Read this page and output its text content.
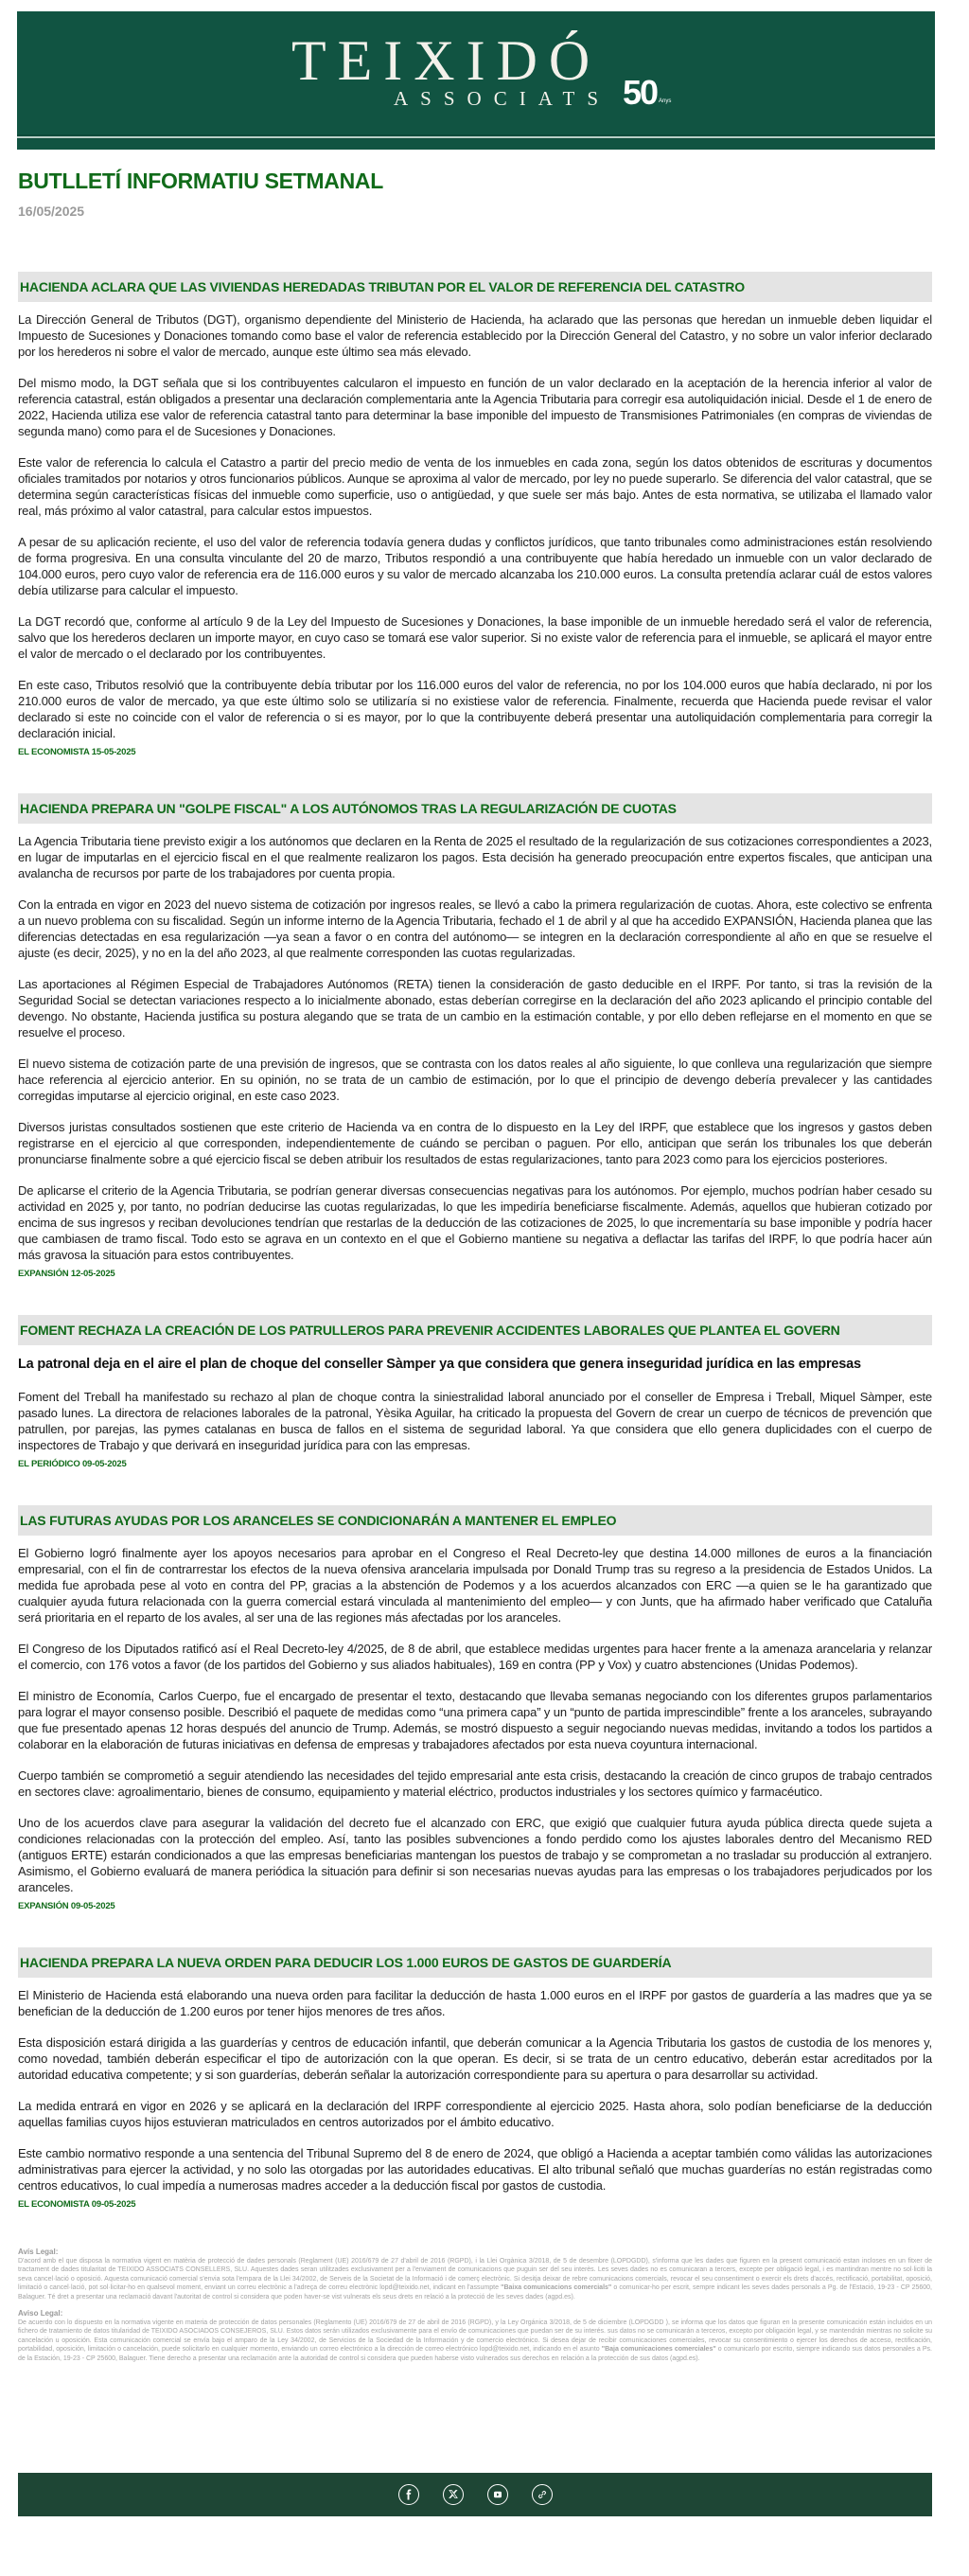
TEIXIDÓ
ASSOCIATS 50 Anys
BUTLLETÍ INFORMATIU SETMANAL
16/05/2025
HACIENDA ACLARA QUE LAS VIVIENDAS HEREDADAS TRIBUTAN POR EL VALOR DE REFERENCIA DEL CATASTRO

La Dirección General de Tributos (DGT), organismo dependiente del Ministerio de Hacienda, ha aclarado que las personas que heredan un inmueble deben liquidar el Impuesto de Sucesiones y Donaciones tomando como base el valor de referencia establecido por la Dirección General del Catastro, y no sobre un valor inferior declarado por los herederos ni sobre el valor de mercado, aunque este último sea más elevado.

Del mismo modo, la DGT señala que si los contribuyentes calcularon el impuesto en función de un valor declarado en la aceptación de la herencia inferior al valor de referencia catastral, están obligados a presentar una declaración complementaria ante la Agencia Tributaria para corregir esa autoliquidación inicial. Desde el 1 de enero de 2022, Hacienda utiliza ese valor de referencia catastral tanto para determinar la base imponible del impuesto de Transmisiones Patrimoniales (en compras de viviendas de segunda mano) como para el de Sucesiones y Donaciones.

Este valor de referencia lo calcula el Catastro a partir del precio medio de venta de los inmuebles en cada zona, según los datos obtenidos de escrituras y documentos oficiales tramitados por notarios y otros funcionarios públicos. Aunque se aproxima al valor de mercado, por ley no puede superarlo. Se diferencia del valor catastral, que se determina según características físicas del inmueble como superficie, uso o antigüedad, y que suele ser más bajo. Antes de esta normativa, se utilizaba el llamado valor real, más próximo al valor catastral, para calcular estos impuestos.

A pesar de su aplicación reciente, el uso del valor de referencia todavía genera dudas y conflictos jurídicos, que tanto tribunales como administraciones están resolviendo de forma progresiva. En una consulta vinculante del 20 de marzo, Tributos respondió a una contribuyente que había heredado un inmueble con un valor declarado de 104.000 euros, pero cuyo valor de referencia era de 116.000 euros y su valor de mercado alcanzaba los 210.000 euros. La consulta pretendía aclarar cuál de estos valores debía utilizarse para calcular el impuesto.

La DGT recordó que, conforme al artículo 9 de la Ley del Impuesto de Sucesiones y Donaciones, la base imponible de un inmueble heredado será el valor de referencia, salvo que los herederos declaren un importe mayor, en cuyo caso se tomará ese valor superior. Si no existe valor de referencia para el inmueble, se aplicará el mayor entre el valor de mercado o el declarado por los contribuyentes.

En este caso, Tributos resolvió que la contribuyente debía tributar por los 116.000 euros del valor de referencia, no por los 104.000 euros que había declarado, ni por los 210.000 euros de valor de mercado, ya que este último solo se utilizaría si no existiese valor de referencia. Finalmente, recuerda que Hacienda puede revisar el valor declarado si este no coincide con el valor de referencia o si es mayor, por lo que la contribuyente deberá presentar una autoliquidación complementaria para corregir la declaración inicial.

EL ECONOMISTA 15-05-2025
HACIENDA PREPARA UN "GOLPE FISCAL" A LOS AUTÓNOMOS TRAS LA REGULARIZACIÓN DE CUOTAS

La Agencia Tributaria tiene previsto exigir a los autónomos que declaren en la Renta de 2025 el resultado de la regularización de sus cotizaciones correspondientes a 2023, en lugar de imputarlas en el ejercicio fiscal en el que realmente realizaron los pagos. Esta decisión ha generado preocupación entre expertos fiscales, que anticipan una avalancha de recursos por parte de los trabajadores por cuenta propia.

Con la entrada en vigor en 2023 del nuevo sistema de cotización por ingresos reales, se llevó a cabo la primera regularización de cuotas. Ahora, este colectivo se enfrenta a un nuevo problema con su fiscalidad. Según un informe interno de la Agencia Tributaria, fechado el 1 de abril y al que ha accedido EXPANSIÓN, Hacienda planea que las diferencias detectadas en esa regularización —ya sean a favor o en contra del autónomo— se integren en la declaración correspondiente al año en que se resuelve el ajuste (es decir, 2025), y no en la del año 2023, al que realmente corresponden las cuotas regularizadas.

Las aportaciones al Régimen Especial de Trabajadores Autónomos (RETA) tienen la consideración de gasto deducible en el IRPF. Por tanto, si tras la revisión de la Seguridad Social se detectan variaciones respecto a lo inicialmente abonado, estas deberían corregirse en la declaración del año 2023 aplicando el principio contable del devengo. No obstante, Hacienda justifica su postura alegando que se trata de un cambio en la estimación contable, y por ello deben reflejarse en el momento en que se resuelve el proceso.

El nuevo sistema de cotización parte de una previsión de ingresos, que se contrasta con los datos reales al año siguiente, lo que conlleva una regularización que siempre hace referencia al ejercicio anterior. En su opinión, no se trata de un cambio de estimación, por lo que el principio de devengo debería prevalecer y las cantidades corregidas imputarse al ejercicio original, en este caso 2023.

Diversos juristas consultados sostienen que este criterio de Hacienda va en contra de lo dispuesto en la Ley del IRPF, que establece que los ingresos y gastos deben registrarse en el ejercicio al que corresponden, independientemente de cuándo se perciban o paguen. Por ello, anticipan que serán los tribunales los que deberán pronunciarse finalmente sobre a qué ejercicio fiscal se deben atribuir los resultados de estas regularizaciones, tanto para 2023 como para los ejercicios posteriores.

De aplicarse el criterio de la Agencia Tributaria, se podrían generar diversas consecuencias negativas para los autónomos. Por ejemplo, muchos podrían haber cesado su actividad en 2025 y, por tanto, no podrían deducirse las cuotas regularizadas, lo que les impediría beneficiarse fiscalmente. Además, aquellos que hubieran cotizado por encima de sus ingresos y reciban devoluciones tendrían que restarlas de la deducción de las cotizaciones de 2025, lo que incrementaría su base imponible y podría hacer que cambiasen de tramo fiscal. Todo esto se agrava en un contexto en el que el Gobierno mantiene su negativa a deflactar las tarifas del IRPF, lo que podría hacer aún más gravosa la situación para estos contribuyentes.

EXPANSIÓN 12-05-2025
FOMENT RECHAZA LA CREACIÓN DE LOS PATRULLEROS PARA PREVENIR ACCIDENTES LABORALES QUE PLANTEA EL GOVERN
La patronal deja en el aire el plan de choque del conseller Sàmper ya que considera que genera inseguridad jurídica en las empresas

Foment del Treball ha manifestado su rechazo al plan de choque contra la siniestralidad laboral anunciado por el conseller de Empresa i Treball, Miquel Sàmper, este pasado lunes. La directora de relaciones laborales de la patronal, Yèsika Aguilar, ha criticado la propuesta del Govern de crear un cuerpo de técnicos de prevención que patrullen, por parejas, las pymes catalanas en busca de fallos en el sistema de seguridad laboral. Ya que considera que ello genera duplicidades con el cuerpo de inspectores de Trabajo y que derivará en inseguridad jurídica para con las empresas.

EL PERIÓDICO 09-05-2025
LAS FUTURAS AYUDAS POR LOS ARANCELES SE CONDICIONARÁN A MANTENER EL EMPLEO

El Gobierno logró finalmente ayer los apoyos necesarios para aprobar en el Congreso el Real Decreto-ley que destina 14.000 millones de euros a la financiación empresarial, con el fin de contrarrestar los efectos de la nueva ofensiva arancelaria impulsada por Donald Trump tras su regreso a la presidencia de Estados Unidos. La medida fue aprobada pese al voto en contra del PP, gracias a la abstención de Podemos y a los acuerdos alcanzados con ERC —a quien se le ha garantizado que cualquier ayuda futura relacionada con la guerra comercial estará vinculada al mantenimiento del empleo— y con Junts, que ha afirmado haber verificado que Cataluña será prioritaria en el reparto de los avales, al ser una de las regiones más afectadas por los aranceles.

El Congreso de los Diputados ratificó así el Real Decreto-ley 4/2025, de 8 de abril, que establece medidas urgentes para hacer frente a la amenaza arancelaria y relanzar el comercio, con 176 votos a favor (de los partidos del Gobierno y sus aliados habituales), 169 en contra (PP y Vox) y cuatro abstenciones (Unidas Podemos).

El ministro de Economía, Carlos Cuerpo, fue el encargado de presentar el texto, destacando que llevaba semanas negociando con los diferentes grupos parlamentarios para lograr el mayor consenso posible. Describió el paquete de medidas como “una primera capa” y un “punto de partida imprescindible” frente a los aranceles, subrayando que fue presentado apenas 12 horas después del anuncio de Trump. Además, se mostró dispuesto a seguir negociando nuevas medidas, invitando a todos los partidos a colaborar en la elaboración de futuras iniciativas en defensa de empresas y trabajadores afectados por esta nueva coyuntura internacional.

Cuerpo también se comprometió a seguir atendiendo las necesidades del tejido empresarial ante esta crisis, destacando la creación de cinco grupos de trabajo centrados en sectores clave: agroalimentario, bienes de consumo, equipamiento y material eléctrico, productos industriales y los sectores químico y farmacéutico.

Uno de los acuerdos clave para asegurar la validación del decreto fue el alcanzado con ERC, que exigió que cualquier futura ayuda pública directa quede sujeta a condiciones relacionadas con la protección del empleo. Así, tanto las posibles subvenciones a fondo perdido como los ajustes laborales dentro del Mecanismo RED (antiguos ERTE) estarán condicionados a que las empresas beneficiarias mantengan los puestos de trabajo y se comprometan a no trasladar su producción al extranjero. Asimismo, el Gobierno evaluará de manera periódica la situación para definir si son necesarias nuevas ayudas para las empresas o los trabajadores perjudicados por los aranceles.

EXPANSIÓN 09-05-2025
HACIENDA PREPARA LA NUEVA ORDEN PARA DEDUCIR LOS 1.000 EUROS DE GASTOS DE GUARDERÍA

El Ministerio de Hacienda está elaborando una nueva orden para facilitar la deducción de hasta 1.000 euros en el IRPF por gastos de guardería a las madres que ya se benefician de la deducción de 1.200 euros por tener hijos menores de tres años.

Esta disposición estará dirigida a las guarderías y centros de educación infantil, que deberán comunicar a la Agencia Tributaria los gastos de custodia de los menores y, como novedad, también deberán especificar el tipo de autorización con la que operan. Es decir, si se trata de un centro educativo, deberán estar acreditados por la autoridad educativa competente; y si son guarderías, deberán señalar la autorización correspondiente para su apertura o para desarrollar su actividad.

La medida entrará en vigor en 2026 y se aplicará en la declaración del IRPF correspondiente al ejercicio 2025. Hasta ahora, solo podían beneficiarse de la deducción aquellas familias cuyos hijos estuvieran matriculados en centros autorizados por el ámbito educativo.

Este cambio normativo responde a una sentencia del Tribunal Supremo del 8 de enero de 2024, que obligó a Hacienda a aceptar también como válidas las autorizaciones administrativas para ejercer la actividad, y no solo las otorgadas por las autoridades educativas. El alto tribunal señaló que muchas guarderías no están registradas como centros educativos, lo cual impedía a numerosas madres acceder a la deducción fiscal por gastos de custodia.

EL ECONOMISTA 09-05-2025
Avís Legal:

D'acord amb el que disposa la normativa vigent en matèria de protecció de dades personals (Reglament (UE) 2016/679 de 27 d'abril de 2016 (RGPD), i la Llei Orgànica 3/2018, de 5 de desembre (LOPDGDD), s'informa que les dades que figuren en la present comunicació estan incloses en un fitxer de tractament de dades titularitat de TEIXIDO ASSOCIATS CONSELLERS, SLU. Aquestes dades seran utilitzades exclusivament per a l'enviament de comunicacions que puguin ser del seu interès. Les seves dades no es comunicaran a tercers, excepte per obligació legal, i es mantindran mentre no sol·liciti la seva cancel·lació o oposició. Aquesta comunicació comercial s'envia sota l'empara de la Llei 34/2002, de Serveis de la Societat de la Informació i de comerç electrònic. Si desitja deixar de rebre comunicacions comercials, revocar el seu consentiment o exercir els drets d'accés, rectificació, portabilitat, oposició, limitació o cancel·lació, pot sol·licitar-ho en qualsevol moment, enviant un correu electrònic a l'adreça de correu electrònic lopd@teixido.net, indicant en l'assumpte "Baixa comunicacions comercials" o comunicar-ho per escrit, sempre indicant les seves dades personals a Pg. de l'Estació, 19-23 - CP 25600, Balaguer. Té dret a presentar una reclamació davant l'autoritat de control si considera que poden haver-se vist vulnerats els seus drets en relació a la protecció de les seves dades (agpd.es).

Aviso Legal:

De acuerdo con lo dispuesto en la normativa vigente en materia de protección de datos personales (Reglamento (UE) 2016/679 de 27 de abril de 2016 (RGPD), y la Ley Orgánica 3/2018, de 5 de diciembre (LOPDGDD ), se informa que los datos que figuran en la presente comunicación están incluidos en un fichero de tratamiento de datos titularidad de TEIXIDO ASOCIADOS CONSEJEROS, SLU. Estos datos serán utilizados exclusivamente para el envío de comunicaciones que puedan ser de su interés. sus datos no se comunicarán a terceros, excepto por obligación legal, y se mantendrán mientras no solicite su cancelación u oposición. Esta comunicación comercial se envía bajo el amparo de la Ley 34/2002, de Servicios de la Sociedad de la Información y de comercio electrónico. Si desea dejar de recibir comunicaciones comerciales, revocar su consentimiento o ejercer los derechos de acceso, rectificación, portabilidad, oposición, limitación o cancelación, puede solicitarlo en cualquier momento, enviando un correo electrónico a la dirección de correo electrónico lopd@teixido.net, indicando en el asunto "Baja comunicaciones comerciales" o comunicarlo por escrito, siempre indicando sus datos personales a Ps. de la Estación, 19-23 - CP 25600, Balaguer. Tiene derecho a presentar una reclamación ante la autoridad de control si considera que pueden haberse visto vulnerados sus derechos en relación a la protección de sus datos (agpd.es).
